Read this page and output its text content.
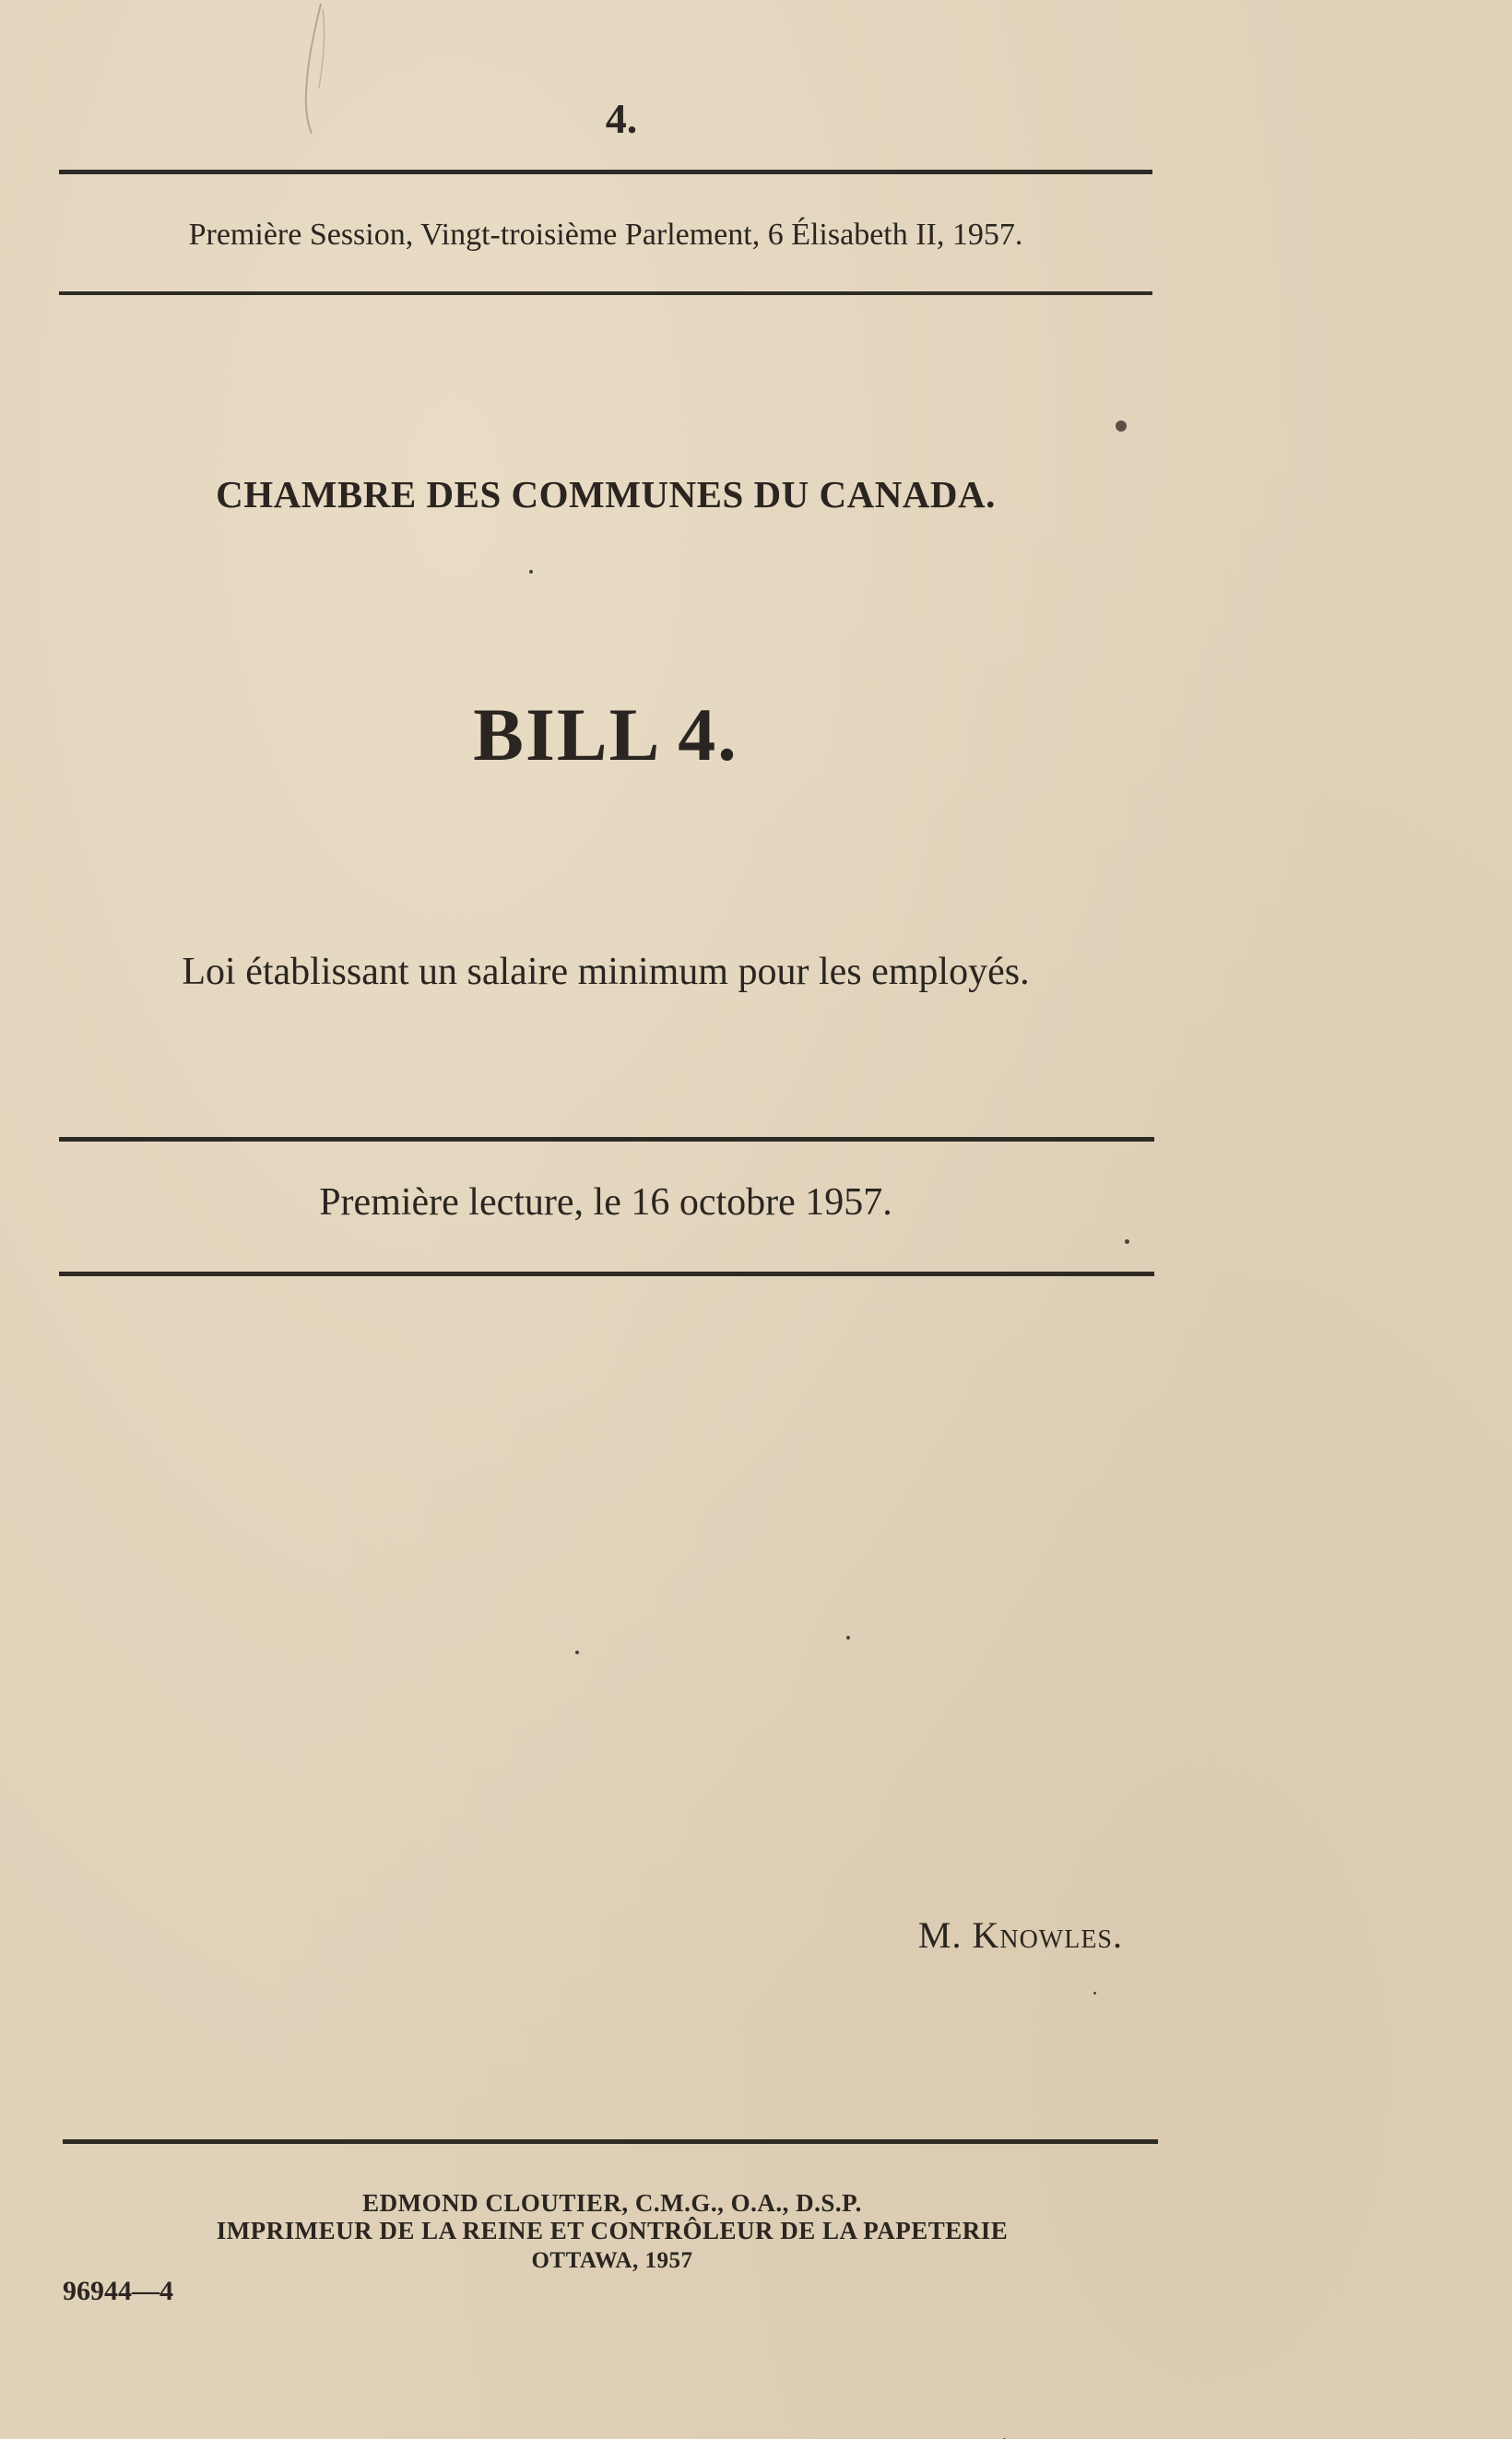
4.
Première Session, Vingt-troisième Parlement, 6 Élisabeth II, 1957.
CHAMBRE DES COMMUNES DU CANADA.
BILL 4.
Loi établissant un salaire minimum pour les employés.
Première lecture, le 16 octobre 1957.
M. Knowles.
EDMOND CLOUTIER, C.M.G., O.A., D.S.P.
IMPRIMEUR DE LA REINE ET CONTRÔLEUR DE LA PAPETERIE
OTTAWA, 1957
96944—4
